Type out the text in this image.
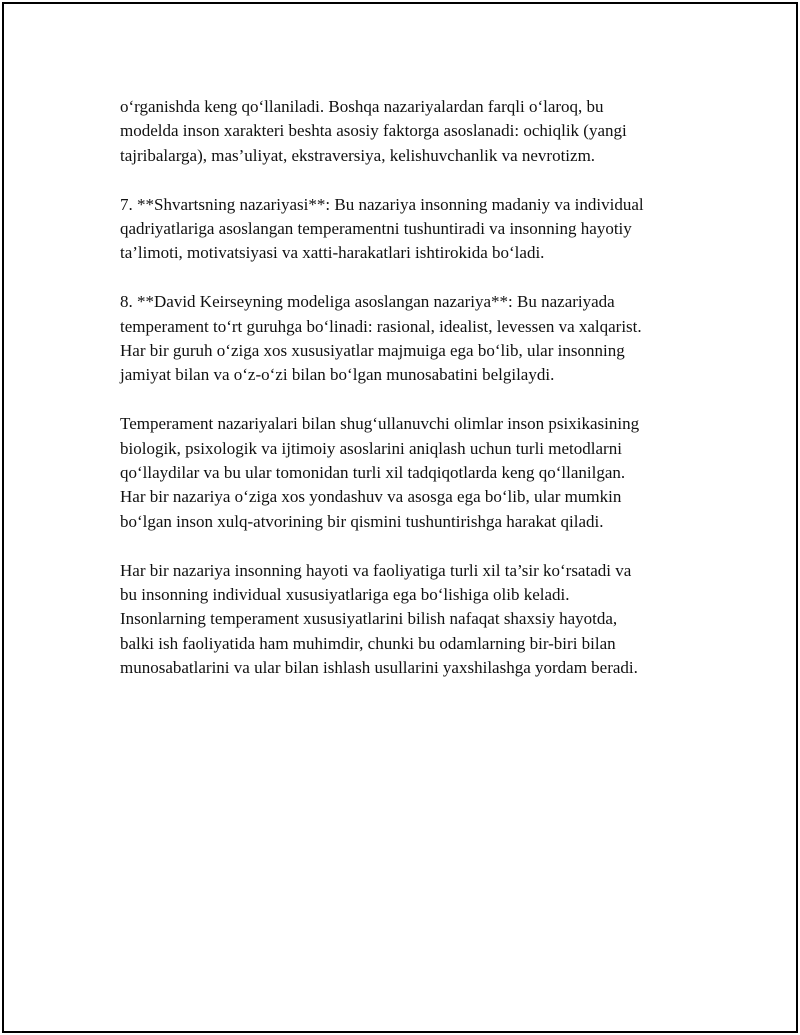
o‘rganishda keng qo‘llaniladi. Boshqa nazariyalardan farqli o‘laroq, bu
modelda inson xarakteri beshta asosiy faktorga asoslanadi: ochiqlik (yangi
tajribalarga), mas’uliyat, ekstraversiya, kelishuvchanlik va nevrotizm.

7. **Shvartsning nazariyasi**: Bu nazariya insonning madaniy va individual
qadriyatlariga asoslangan temperamentni tushuntiradi va insonning hayotiy
ta’limoti, motivatsiyasi va xatti-harakatlari ishtirokida bo‘ladi.

8. **David Keirseyning modeliga asoslangan nazariya**: Bu nazariyada
temperament to‘rt guruhga bo‘linadi: rasional, idealist, levessen va xalqarist.
Har bir guruh o‘ziga xos xususiyatlar majmuiga ega bo‘lib, ular insonning
jamiyat bilan va o‘z-o‘zi bilan bo‘lgan munosabatini belgilaydi.

Temperament nazariyalari bilan shug‘ullanuvchi olimlar inson psixikasining
biologik, psixologik va ijtimoiy asoslarini aniqlash uchun turli metodlarni
qo‘llaydilar va bu ular tomonidan turli xil tadqiqotlarda keng qo‘llanilgan.
Har bir nazariya o‘ziga xos yondashuv va asosga ega bo‘lib, ular mumkin
bo‘lgan inson xulq-atvorining bir qismini tushuntirishga harakat qiladi.

Har bir nazariya insonning hayoti va faoliyatiga turli xil ta’sir ko‘rsatadi va
bu insonning individual xususiyatlariga ega bo‘lishiga olib keladi.
Insonlarning temperament xususiyatlarini bilish nafaqat shaxsiy hayotda,
balki ish faoliyatida ham muhimdir, chunki bu odamlarning bir-biri bilan
munosabatlarini va ular bilan ishlash usullarini yaxshilashga yordam beradi.
